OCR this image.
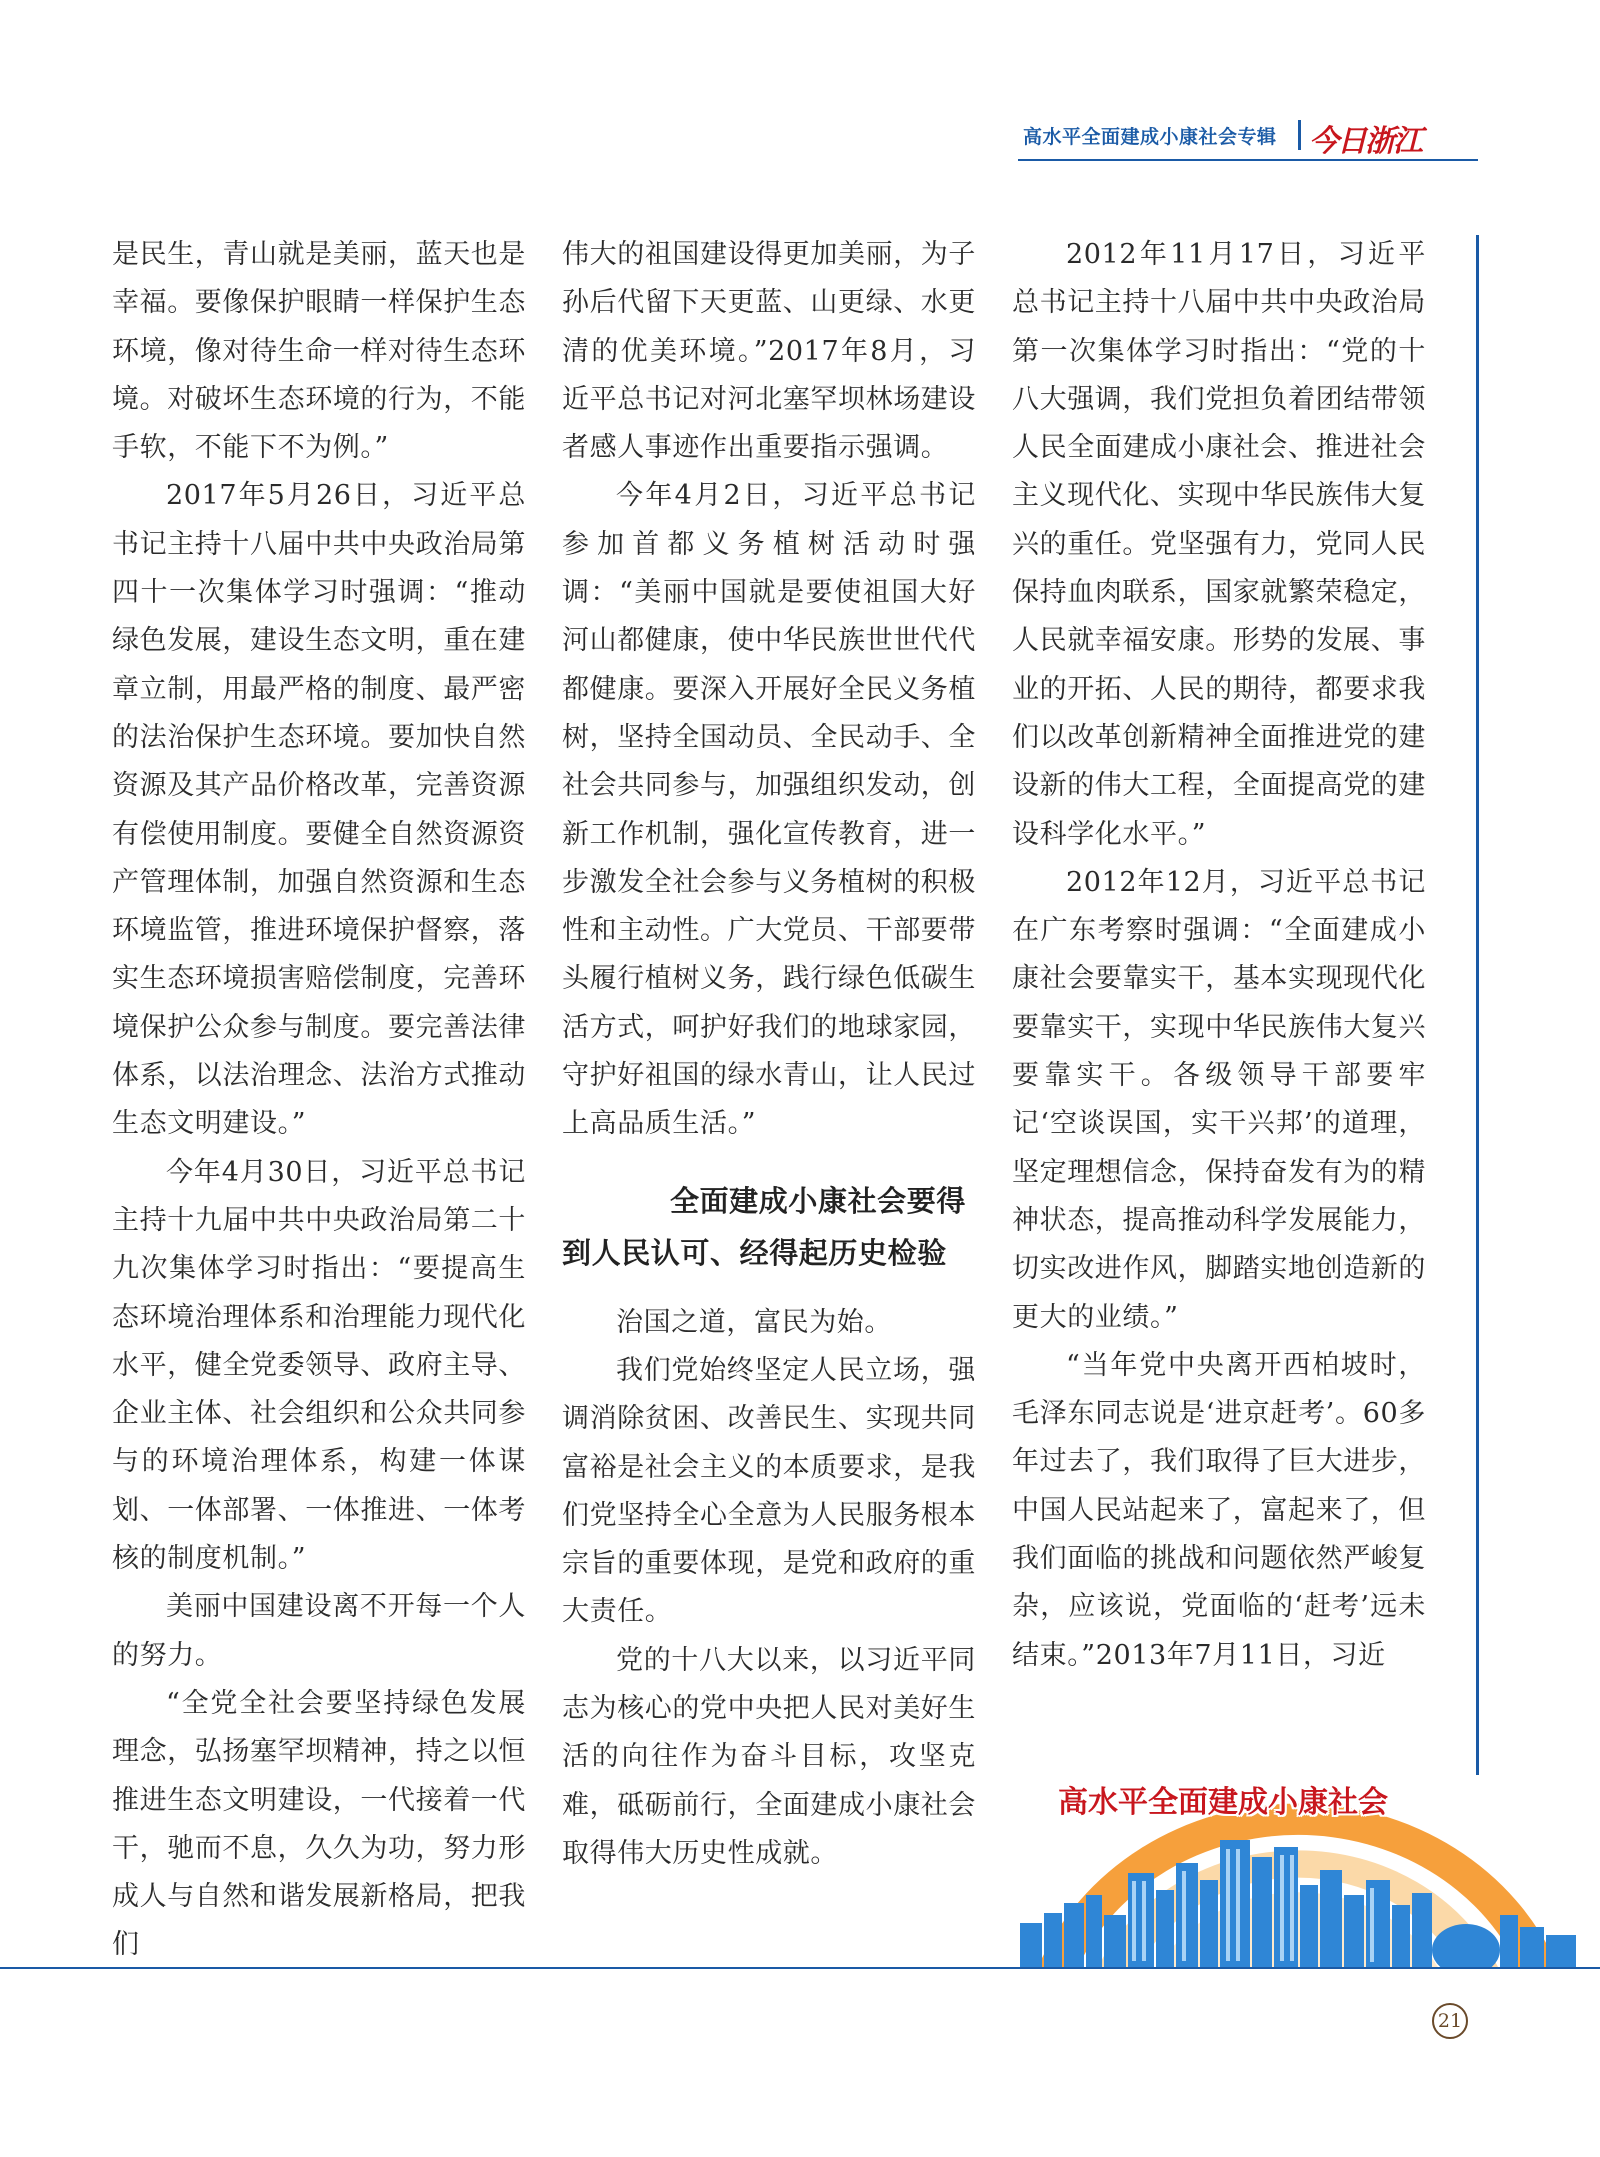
高水平全面建成小康社会专辑 今日浙江

是民生，青山就是美丽，蓝天也是幸福。要像保护眼睛一样保护生态环境，像对待生命一样对待生态环境。对破坏生态环境的行为，不能手软，不能下不为例。”

2017年5月26日，习近平总书记主持十八届中共中央政治局第四十一次集体学习时强调：“推动绿色发展，建设生态文明，重在建章立制，用最严格的制度、最严密的法治保护生态环境。要加快自然资源及其产品价格改革，完善资源有偿使用制度。要健全自然资源资产管理体制，加强自然资源和生态环境监管，推进环境保护督察，落实生态环境损害赔偿制度，完善环境保护公众参与制度。要完善法律体系，以法治理念、法治方式推动生态文明建设。”

今年4月30日，习近平总书记主持十九届中共中央政治局第二十九次集体学习时指出：“要提高生态环境治理体系和治理能力现代化水平，健全党委领导、政府主导、企业主体、社会组织和公众共同参与的环境治理体系，构建一体谋划、一体部署、一体推进、一体考核的制度机制。”

美丽中国建设离不开每一个人的努力。

“全党全社会要坚持绿色发展理念，弘扬塞罕坝精神，持之以恒推进生态文明建设，一代接着一代干，驰而不息，久久为功，努力形成人与自然和谐发展新格局，把我们

伟大的祖国建设得更加美丽，为子孙后代留下天更蓝、山更绿、水更清的优美环境。”2017年8月，习近平总书记对河北塞罕坝林场建设者感人事迹作出重要指示强调。

今年4月2日，习近平总书记参加首都义务植树活动时强调：“美丽中国就是要使祖国大好河山都健康，使中华民族世世代代都健康。要深入开展好全民义务植树，坚持全国动员、全民动手、全社会共同参与，加强组织发动，创新工作机制，强化宣传教育，进一步激发全社会参与义务植树的积极性和主动性。广大党员、干部要带头履行植树义务，践行绿色低碳生活方式，呵护好我们的地球家园，守护好祖国的绿水青山，让人民过上高品质生活。”

全面建成小康社会要得
到人民认可、经得起历史检验

治国之道，富民为始。

我们党始终坚定人民立场，强调消除贫困、改善民生、实现共同富裕是社会主义的本质要求，是我们党坚持全心全意为人民服务根本宗旨的重要体现，是党和政府的重大责任。

党的十八大以来，以习近平同志为核心的党中央把人民对美好生活的向往作为奋斗目标，攻坚克难，砥砺前行，全面建成小康社会取得伟大历史性成就。

2012年11月17日，习近平总书记主持十八届中共中央政治局第一次集体学习时指出：“党的十八大强调，我们党担负着团结带领人民全面建成小康社会、推进社会主义现代化、实现中华民族伟大复兴的重任。党坚强有力，党同人民保持血肉联系，国家就繁荣稳定，人民就幸福安康。形势的发展、事业的开拓、人民的期待，都要求我们以改革创新精神全面推进党的建设新的伟大工程，全面提高党的建设科学化水平。”

2012年12月，习近平总书记在广东考察时强调：“全面建成小康社会要靠实干，基本实现现代化要靠实干，实现中华民族伟大复兴要靠实干。各级领导干部要牢记‘空谈误国，实干兴邦’的道理，坚定理想信念，保持奋发有为的精神状态，提高推动科学发展能力，切实改进作风，脚踏实地创造新的更大的业绩。”

“当年党中央离开西柏坡时，毛泽东同志说是‘进京赶考’。60多年过去了，我们取得了巨大进步，中国人民站起来了，富起来了，但我们面临的挑战和问题依然严峻复杂，应该说，党面临的‘赶考’远未结束。”2013年7月11日，习近

高水平全面建成小康社会
21
